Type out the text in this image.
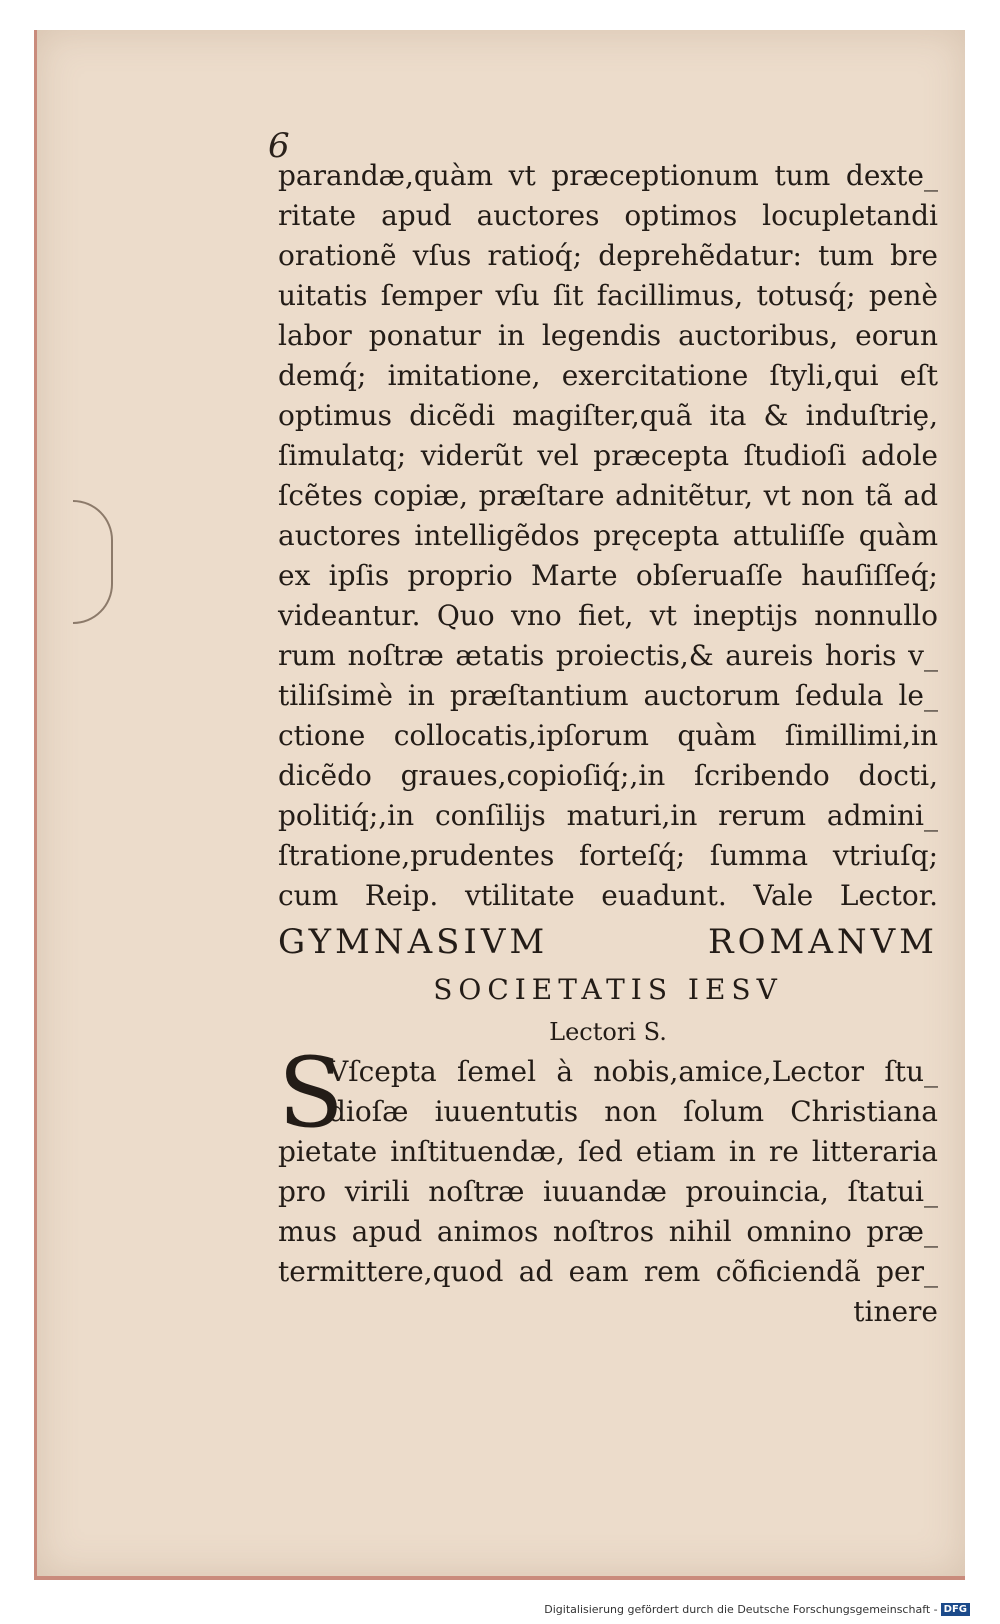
6
parandæ,quàm vt præceptionum tum dexte_
ritate apud auctores optimos locupletandi
orationẽ vſus ratioq́; deprehẽdatur: tum bre
uitatis ſemper vſu ſit facillimus, totusq́; penè
labor ponatur in legendis auctoribus, eorun
demq́; imitatione, exercitatione ſtyli,qui eſt
optimus dicẽdi magiſter,quã ita & induſtriȩ,
ſimulatq; viderũt vel præcepta ſtudioſi adole
ſcẽtes copiæ, præſtare adnitẽtur, vt non tã ad
auctores intelligẽdos pręcepta attuliſſe quàm
ex ipſis proprio Marte obſeruaſſe hauſiſſeq́;
videantur. Quo vno fiet, vt ineptijs nonnullo
rum noſtræ ætatis proiectis,& aureis horis v_
tiliſsimè in præſtantium auctorum ſedula le_
ctione collocatis,ipſorum quàm ſimillimi,in
dicẽdo graues,copioſiq́;,in ſcribendo docti,
politiq́;,in conſilijs maturi,in rerum admini_
ſtratione,prudentes forteſq́; ſumma vtriuſq;
cum Reip. vtilitate euadunt. Vale Lector.
GYMNASIVM ROMANVM
SOCIETATIS IESV
Lectori S.
S
Vſcepta ſemel à nobis,amice,Lector ſtu_
dioſæ iuuentutis non ſolum Christiana
pietate inſtituendæ, ſed etiam in re litteraria
pro virili noſtræ iuuandæ prouincia, ſtatui_
mus apud animos noſtros nihil omnino præ_
termittere,quod ad eam rem cõficiendã per_
tinere
Digitalisierung gefördert durch die Deutsche Forschungsgemeinschaft - DFG
